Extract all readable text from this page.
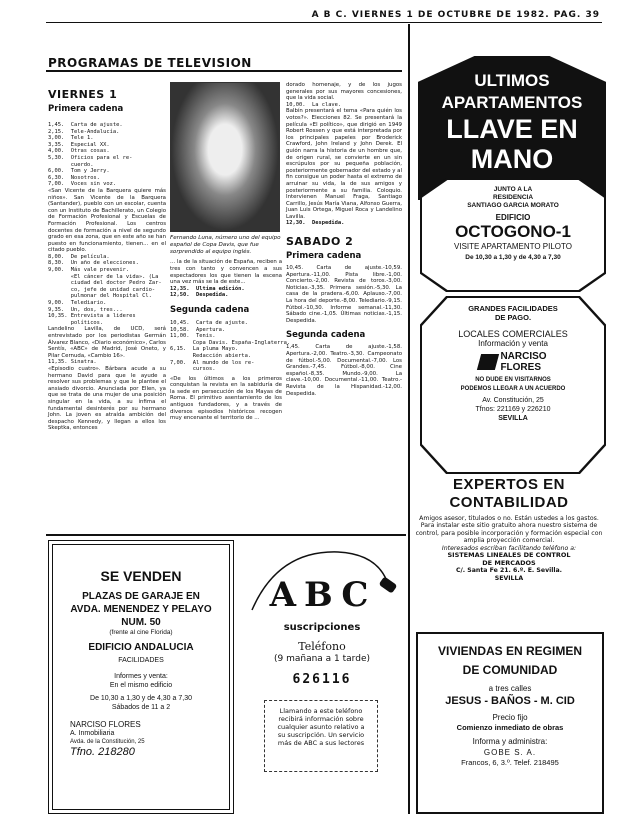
A B C. VIERNES 1 DE OCTUBRE DE 1982. PAG. 39
PROGRAMAS DE TELEVISION
VIERNES 1
Primera cadena
1,45.  Carta de ajuste.
2,15.  Tele-Andalucía.
3,00.  Tele 1.
3,35.  Especial XX.
4,00.  Otras cosas.
5,30.  Oficios para el re-
cuerdo.
6,00.  Tom y Jerry.
6,30.  Nosotros.
7,00.  Voces sin voz.
«San Vicente de la Barquera quiere más niños». San Vicente de la Barquera (Santander), pueblo con un escolar, cuenta con un Instituto de Bachillerato, un Colegio de Formación Profesional y Escuelas de Formación Profesional. Los centros docentes de formación a nivel de segundo grado en esa zona, que en este año se han puesto en funcionamiento, tienen... en el citado pueblo.
8,00.  De película.
8,30.  Un año de elecciones.
9,00.  Más vale prevenir.
«El cáncer de la vida». (La
ciudad del doctor Pedro Zar-
co, jefe de unidad cardio-
pulmonar del Hospital Cl.
9,00.  Telediario.
9,35.  Un, dos, tres...
10,35. Entrevista a lideres
políticos.
Landelino Lavilla, de UCD, será entrevistado por los periodistas Germán Álvarez Blanco, «Diario económico», Carlos Sentís, «ABC» de Madrid, José Oneto, y Pilar Cernuda, «Cambio 16».
11,35. Sinatra.
«Episodio cuatro». Bárbara acude a su hermano David para que le ayude a resolver sus problemas y que le plantee el ansiado divorcio. Anunciada por Ellen, ya que se trata de una mujer de una posición singular en la vida, a su ínfima el fundamental desinterés por su hermano John. La joven es atraída ambición del despacho Kennedy, y llegan a ellos los Skeptka, entonces
Fernando Luna, número uno del equipo español de Copa Davis, que fue sorprendido al equipo inglés.
... la de la situación de España, reciben a tres con tanto y convencen a sus espectadores los que tienen la escena una vez más se la de este...
12,35.  Ultima edición.
12,50.  Despedida.
Segunda cadena
10,45.  Carta de ajuste.
10,58.  Apertura.
11,00.  Tenis.
Copa Davis. España-Inglaterra.
6,15.  La pluma Mayo.
Redacción abierta.
7,00.  Al mundo de los re-
cursos.
«De los últimos a los primeros conquistan la revista en la sabiduría de la sede en persecución de los Mayas de Roma. El primitivo asentamiento de los antiguos fundadores, y a través de diversos episodios históricos recogen muy encenante el territorio de ...
dorado homenaje, y de los jugos generales por sus mayores concesiones, que la vida social.
10,00.  La clave.
Balbín presentará el tema «Para quién los votos?». Elecciones 82. Se presentará la película «El político», que dirigió en 1949 Robert Rossen y que está interpretada por los principales papeles por Broderick Crawford, John Ireland y John Derek. El guión narra la historia de un hombre que, de origen rural, se convierte en un sin escrúpulos por su pequeña población, posteriormente gobernador del estado y al fin consigue un poder hasta el extremo de arruinar su vida, la de sus amigos y posteriormente a su familia. Coloquio. Intervienen Manuel Fraga, Santiago Carrillo, Jesús María Viana, Alfonso Guerra, Juan Luis Ortega, Miguel Roca y Landelino Lavilla.
12,30.  Despedida.
SABADO 2
Primera cadena
10,45. Carta de ajuste.-10,59. Apertura.-11,00. Pista libre.-1,00. Concierto.-2,00. Revista de toros.-3,00. Noticias.-3,35. Primera sesión.-5,30. La casa de la pradera.-6,00. Aplauso.-7,00. La hora del deporte.-8,00. Telediario.-9,15. Fútbol.-10,30. Informe semanal.-11,30. Sábado cine.-1,05. Últimas noticias.-1,15. Despedida.
Segunda cadena
1,45. Carta de ajuste.-1,58. Apertura.-2,00. Teatro.-3,30. Campeonato de fútbol.-5,00. Documental.-7,00. Los Grandes.-7,45. Fútbol.-8,00. Cine español.-8,35. Mundo.-9,00. La clave.-10,00. Documental.-11,00. Teatro.-Revista de la Hispanidad.-12,00. Despedida.
ULTIMOS
APARTAMENTOS
LLAVE EN
MANO
JUNTO A LA
RESIDENCIA
SANTIAGO GARCIA MORATO
EDIFICIO
OCTOGONO-1
VISITE APARTAMENTO PILOTO
De 10,30 a 1,30 y de 4,30 a 7,30
GRANDES FACILIDADES DE PAGO.
LOCALES COMERCIALES
Información y venta
NARCISO
FLORES
NO DUDE EN VISITARNOS
PODEMOS LLEGAR A UN ACUERDO
Av. Constitución, 25
Tfnos: 221169 y 226210
SEVILLA
EXPERTOS EN
CONTABILIDAD
Amigos asesor, titulados o no. Están ustedes a los gastos. Para instalar este sitio gratuito ahora nuestro sistema de control, para posible incorporación y formación especial con amplia proyección comercial.
Interesados escriban facilitando teléfono a:
SISTEMAS LINEALES DE CONTROL DE MERCADOS
C/. Santa Fe 21. 6.º. E. Sevilla.
SEVILLA
SE VENDEN
PLAZAS DE GARAJE EN
AVDA. MENENDEZ Y PELAYO
NUM. 50
(frente al cine Florida)
EDIFICIO ANDALUCIA
FACILIDADES
Informes y venta:
En el mismo edificio
De 10,30 a 1,30 y de 4,30 a 7,30
Sábados de 11 a 2
NARCISO FLORES
A. Inmobiliaria
Avda. de la Constitución, 25
Tfno. 218280
ABC
suscripciones
Teléfono
(9 mañana a 1 tarde)
626116
Llamando a este teléfono recibirá información sobre cualquier asunto relativo a su suscripción. Un servicio más de ABC a sus lectores
VIVIENDAS EN REGIMEN
DE COMUNIDAD
a tres calles
JESUS - BAÑOS - M. CID
Precio fijo
Comienzo inmediato de obras
Informa y administra:
GOBE S. A.
Francos, 6, 3.º. Telef. 218495
